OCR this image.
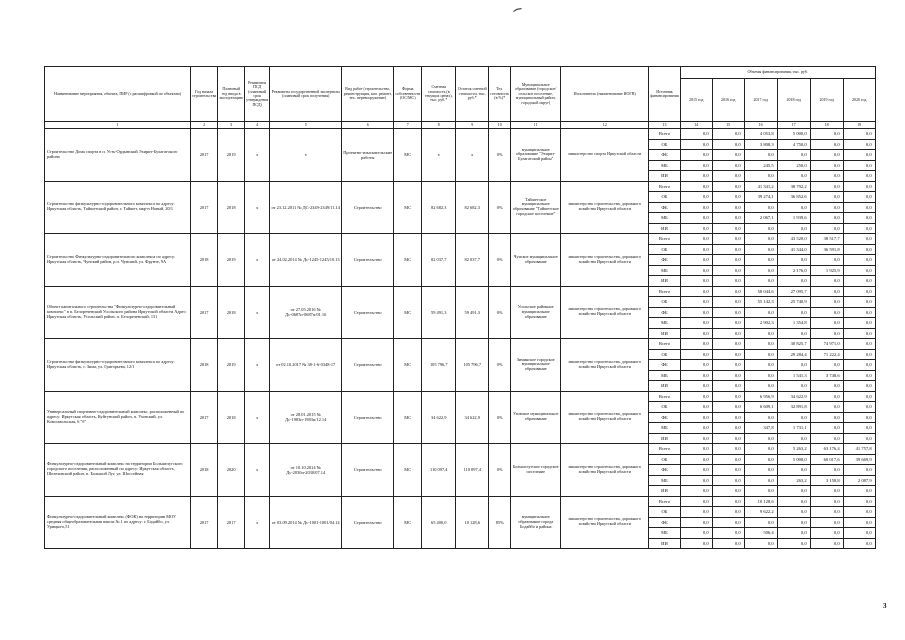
Наименование мероприятия, объекта, ПИР (с расшифровкой по объектам)	Год начала строительства	Плановый год ввода в эксплуатацию	Реквизиты ПСД (плановый срок утверждения ПСД)	Реквизиты государственной экспертизы (плановый срок получения)	Вид работ (строительство, реконструкция, кап. ремонт, тех. перевооружение)	Форма собственности (ОС/МС)	Сметная стоимость (в текущих ценах), тыс. руб.*	Остаток сметной стоимости, тыс. руб.*	Тех. готовность (в %)*	Муниципальное образование (городское/сельское поселение, муниципальный район, городской округ)	Исполнитель (наименование ИОГВ)	Источник финансирования	Объемы финансирования, тыс. руб.					
													2015 год	2016 год	2017 год	2018 год	2019 год	2020 год
1	2	3	4	5	6	7	8	9	10	11	12	13	14	15	16	17	18	19
Строительство Дома спорта в п. Усть-Ордынский Эхирит-Булагатского района	2017	2019	х	х	Проектно-изыскательские работы	МС	х	х	0%	муниципальное образование "Эхирит-Булагатский район"	министерство спорта Иркутской области	Всего	0,0	0,0	4 053,8	5 000,0	0,0	0,0
												ОБ	0,0	0,0	3 808,3	4 750,0	0,0	0,0
												ФБ	0,0	0,0	0,0	0,0	0,0	0,0
												МБ	0,0	0,0	245,5	250,0	0,0	0,0
												ИИ	0,0	0,0	0,0	0,0	0,0	0,0
Строительство физкультурно-оздоровительного комплекса по адресу: Иркутская область, Тайшетский район, г. Тайшет, мкр-н Новый, 20/1	2017	2018	х	от 23.12.2011 № ДС-2349-2349/11.14	Строительство	МС	82 682,3	82 682,3	0%	Тайшетское муниципальное образование "Тайшетское городское поселение"	министерство строительства, дорожного хозяйства Иркутской области	Всего	0,0	0,0	41 341,2	38 792,2	0,0	0,0
												ОБ	0,0	0,0	39 274,1	36 852,6	0,0	0,0
												ФБ	0,0	0,0	0,0	0,0	0,0	0,0
												МБ	0,0	0,0	2 067,1	1 939,6	0,0	0,0
												ИИ	0,0	0,0	0,0	0,0	0,0	0,0
Строительство Физкультурно-оздоровительного комплекса по адресу: Иркутская область, Чунский район, р.п. Чунский, ул. Фрунзе, 9А	2018	2019	х	от 24.02.2014 № Дс-1245-1245/10.13	Строительство	МС	82 037,7	82 037,7	0%	Чунское муниципальное образование	министерство строительства, дорожного хозяйства Иркутской области	Всего	0,0	0,0	0,0	43 520,0	38 517,7	0,0
												ОБ	0,0	0,0	0,0	41 344,0	36 591,8	0,0
												ФБ	0,0	0,0	0,0	0,0	0,0	0,0
												МБ	0,0	0,0	0,0	2 176,0	1 925,9	0,0
												ИИ	0,0	0,0	0,0	0,0	0,0	0,0
Объект капитального строительства "Физкультурно-оздоровительный комплекс" в п. Белореченский Усольского района Иркутской области Адрес: Иркутская область, Усольский район, п. Белореченский, 131	2017	2018	х	от 27.05.2016 № Дс-0687п-0687п/01.16	Строительство	МС	59 491,3	59 491,3	0%	Усольское районное муниципальное образование	министерство строительства, дорожного хозяйства Иркутской области	Всего	0,0	0,0	58 044,6	27 095,7	0,0	0,0
												ОБ	0,0	0,0	55 142,3	25 740,9	0,0	0,0
												ФБ	0,0	0,0	0,0	0,0	0,0	0,0
												МБ	0,0	0,0	2 902,3	1 354,8	0,0	0,0
												ИИ	0,0	0,0	0,0	0,0	0,0	0,0
Строительство физкультурно-оздоровительного комплекса по адресу: Иркутская область, г. Зима, ул. Григорьева, 12/1	2018	2019	х	от 02.10.2017 № 38-1-6-0348-17	Строительство	МС	105 796,7	105 796,7	0%	Зиминское городское муниципальное образование	министерство строительства, дорожного хозяйства Иркутской области	Всего	0,0	0,0	0,0	30 825,7	74 971,0	0,0
												ОБ	0,0	0,0	0,0	29 284,4	71 222,4	0,0
												ФБ	0,0	0,0	0,0	0,0	0,0	0,0
												МБ	0,0	0,0	0,0	1 541,3	3 748,6	0,0
												ИИ	0,0	0,0	0,0	0,0	0,0	0,0
Универсальный спортивно-оздоровительный комплекс, расположенный по адресу: Иркутская область, Куйтунский район, п. Уховский, ул. Комсомольская, 6 "б"	2017	2018	х	от 28.01.2015 № Дс-1983п-1983п/12.14	Строительство	МС	34 622,9	34 622,9	0%	Уховское муниципальное образование	министерство строительства, дорожного хозяйства Иркутской области	Всего	0,0	0,0	6 956,9	34 622,9	0,0	0,0
												ОБ	0,0	0,0	6 609,1	32 891,8	0,0	0,0
												ФБ	0,0	0,0	0,0	0,0	0,0	0,0
												МБ	0,0	0,0	347,8	1 731,1	0,0	0,0
												ИИ	0,0	0,0	0,0	0,0	0,0	0,0
Физкультурно-оздоровительный комплекс на территории Большелугского городского поселения, расположенный по адресу: Иркутская область, Шелеховский район, п. Большой Луг, ул. Шоссейная	2018	2020	х	от 10.10.2014 № Дс-2030п-2030/07.14	Строительство	МС	110 097,4	110 097,4	0%	Большелугское городское поселение	министерство строительства, дорожного хозяйства Иркутской области	Всего	0,0	0,0	0,0	5 263,2	63 176,4	41 757,8
												ОБ	0,0	0,0	0,0	5 000,0	60 017,6	39 669,9
												ФБ	0,0	0,0	0,0	0,0	0,0	0,0
												МБ	0,0	0,0	0,0	263,2	3 158,8	2 087,9
												ИИ	0,0	0,0	0,0	0,0	0,0	0,0
Физкультурно-оздоровительный комплекс (ФОК) на территории МОУ средняя общеобразовательная школа № 1 по адресу: г. Бодайбо, ул. Урицкого,51	2017	2017	х	от 03.09.2014 № Дс-1001-1001/04.14	Строительство	МС	65 400,0	10 128,6	85%	муниципальное образование города Бодайбо и района	министерство строительства, дорожного хозяйства Иркутской области	Всего	0,0	0,0	10 128,6	0,0	0,0	0,0
												ОБ	0,0	0,0	9 622,2	0,0	0,0	0,0
												ФБ	0,0	0,0	0,0	0,0	0,0	0,0
												МБ	0,0	0,0	506,4	0,0	0,0	0,0
												ИИ	0,0	0,0	0,0	0,0	0,0	0,0
3
